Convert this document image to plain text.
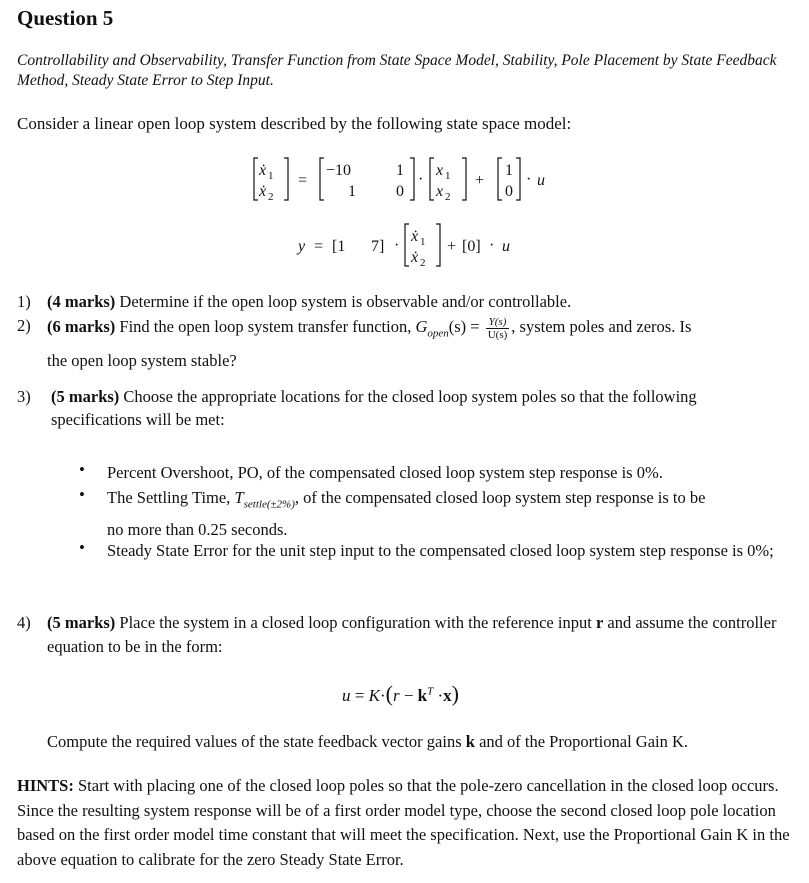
Question 5
Controllability and Observability, Transfer Function from State Space Model, Stability, Pole Placement by State Feedback Method, Steady State Error to Step Input.
Consider a linear open loop system described by the following state space model:
ẋ 1
ẋ 2
=
−10	1
1	0
·
x 1
x 2
+
1
0
· u
y = [1 7] ·
ẋ 1
ẋ 2
+ [0] · u
1) (4 marks) Determine if the open loop system is observable and/or controllable.
2) (6 marks) Find the open loop system transfer function, $G_{open}(s) = \frac{Y(s)}{U(s)}$ , system poles and zeros. Is
the open loop system stable?
3) (5 marks) Choose the appropriate locations for the closed loop system poles so that the following specifications will be met:
• Percent Overshoot, PO, of the compensated closed loop system step response is 0%.
• The Settling Time, $T_{settle(\pm 2\%)}$, of the compensated closed loop system step response is to be
no more than 0.25 seconds.
• Steady State Error for the unit step input to the compensated closed loop system step response is 0%;
4) (5 marks) Place the system in a closed loop configuration with the reference input r and assume the controller equation to be in the form:
$u = K\cdot(r - k^T \cdot x)$
Compute the required values of the state feedback vector gains k and of the Proportional Gain K.
HINTS: Start with placing one of the closed loop poles so that the pole-zero cancellation in the closed loop occurs. Since the resulting system response will be of a first order model type, choose the second closed loop pole location based on the first order model time constant that will meet the specification. Next, use the Proportional Gain K in the above equation to calibrate for the zero Steady State Error.
